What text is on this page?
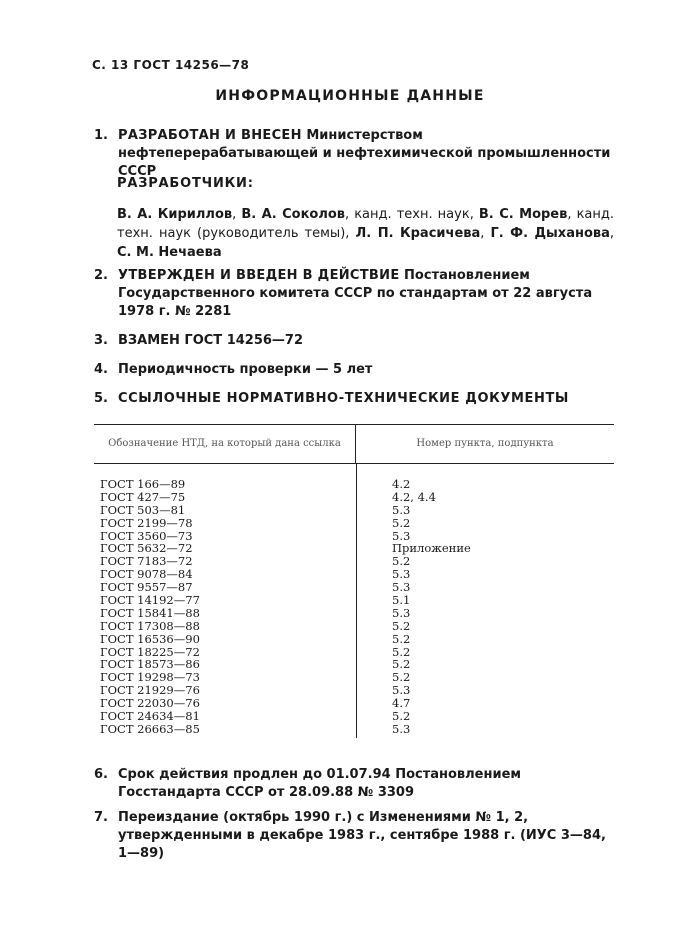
С. 13 ГОСТ 14256—78
ИНФОРМАЦИОННЫЕ ДАННЫЕ
1. РАЗРАБОТАН И ВНЕСЕН Министерством нефтеперерабатывающей и нефтехимической промышленности СССР
РАЗРАБОТЧИКИ:
В. А. Кириллов, В. А. Соколов, канд. техн. наук, В. С. Морев, канд. техн. наук (руководитель темы), Л. П. Красичева, Г. Ф. Дыханова, С. М. Нечаева
2. УТВЕРЖДЕН И ВВЕДЕН В ДЕЙСТВИЕ Постановлением Государственного комитета СССР по стандартам от 22 августа 1978 г. № 2281
3. ВЗАМЕН ГОСТ 14256—72
4. Периодичность проверки — 5 лет
5. ССЫЛОЧНЫЕ НОРМАТИВНО-ТЕХНИЧЕСКИЕ ДОКУМЕНТЫ
Обозначение НТД, на который дана ссылка	Номер пункта, подпункта
ГОСТ 166—89	4.2
ГОСТ 427—75	4.2, 4.4
ГОСТ 503—81	5.3
ГОСТ 2199—78	5.2
ГОСТ 3560—73	5.3
ГОСТ 5632—72	Приложение
ГОСТ 7183—72	5.2
ГОСТ 9078—84	5.3
ГОСТ 9557—87	5.3
ГОСТ 14192—77	5.1
ГОСТ 15841—88	5.3
ГОСТ 17308—88	5.2
ГОСТ 16536—90	5.2
ГОСТ 18225—72	5.2
ГОСТ 18573—86	5.2
ГОСТ 19298—73	5.2
ГОСТ 21929—76	5.3
ГОСТ 22030—76	4.7
ГОСТ 24634—81	5.2
ГОСТ 26663—85	5.3
6. Срок действия продлен до 01.07.94 Постановлением Госстандарта СССР от 28.09.88 № 3309
7. Переиздание (октябрь 1990 г.) с Изменениями № 1, 2, утвержденными в декабре 1983 г., сентябре 1988 г. (ИУС 3—84, 1—89)
